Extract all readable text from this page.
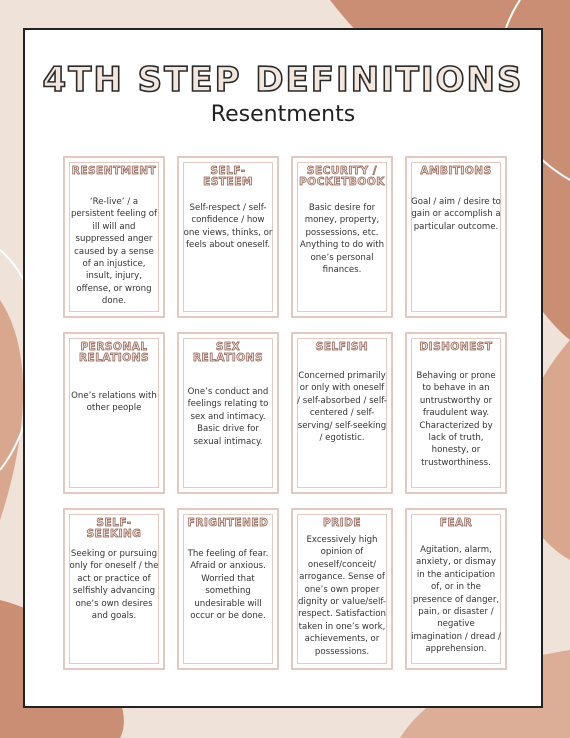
4TH STEP DEFINITIONS
Resentments
RESENTMENT
‘Re-live’ / a persistent feeling of ill will and suppressed anger caused by a sense of an injustice, insult, injury, offense, or wrong done.
SELF-
ESTEEM
Self-respect / self-confidence / how one views, thinks, or feels about oneself.
SECURITY /
POCKETBOOK
Basic desire for money, property, possessions, etc. Anything to do with one’s personal finances.
AMBITIONS
Goal / aim / desire to gain or accomplish a particular outcome.
PERSONAL
RELATIONS
One’s relations with other people
SEX
RELATIONS
One’s conduct and feelings relating to sex and intimacy. Basic drive for sexual intimacy.
SELFISH
Concerned primarily or only with oneself / self-absorbed / self-centered / self-serving/ self-seeking / egotistic.
DISHONEST
Behaving or prone to behave in an untrustworthy or fraudulent way. Characterized by lack of truth, honesty, or trustworthiness.
SELF-
SEEKING
Seeking or pursuing only for oneself / the act or practice of selfishly advancing one’s own desires and goals.
FRIGHTENED
The feeling of fear. Afraid or anxious. Worried that something undesirable will occur or be done.
PRIDE
Excessively high opinion of oneself/conceit/ arrogance. Sense of one’s own proper dignity or value/self-respect. Satisfaction taken in one’s work, achievements, or possessions.
FEAR
Agitation, alarm, anxiety, or dismay in the anticipation of, or in the presence of danger, pain, or disaster / negative imagination / dread / apprehension.
